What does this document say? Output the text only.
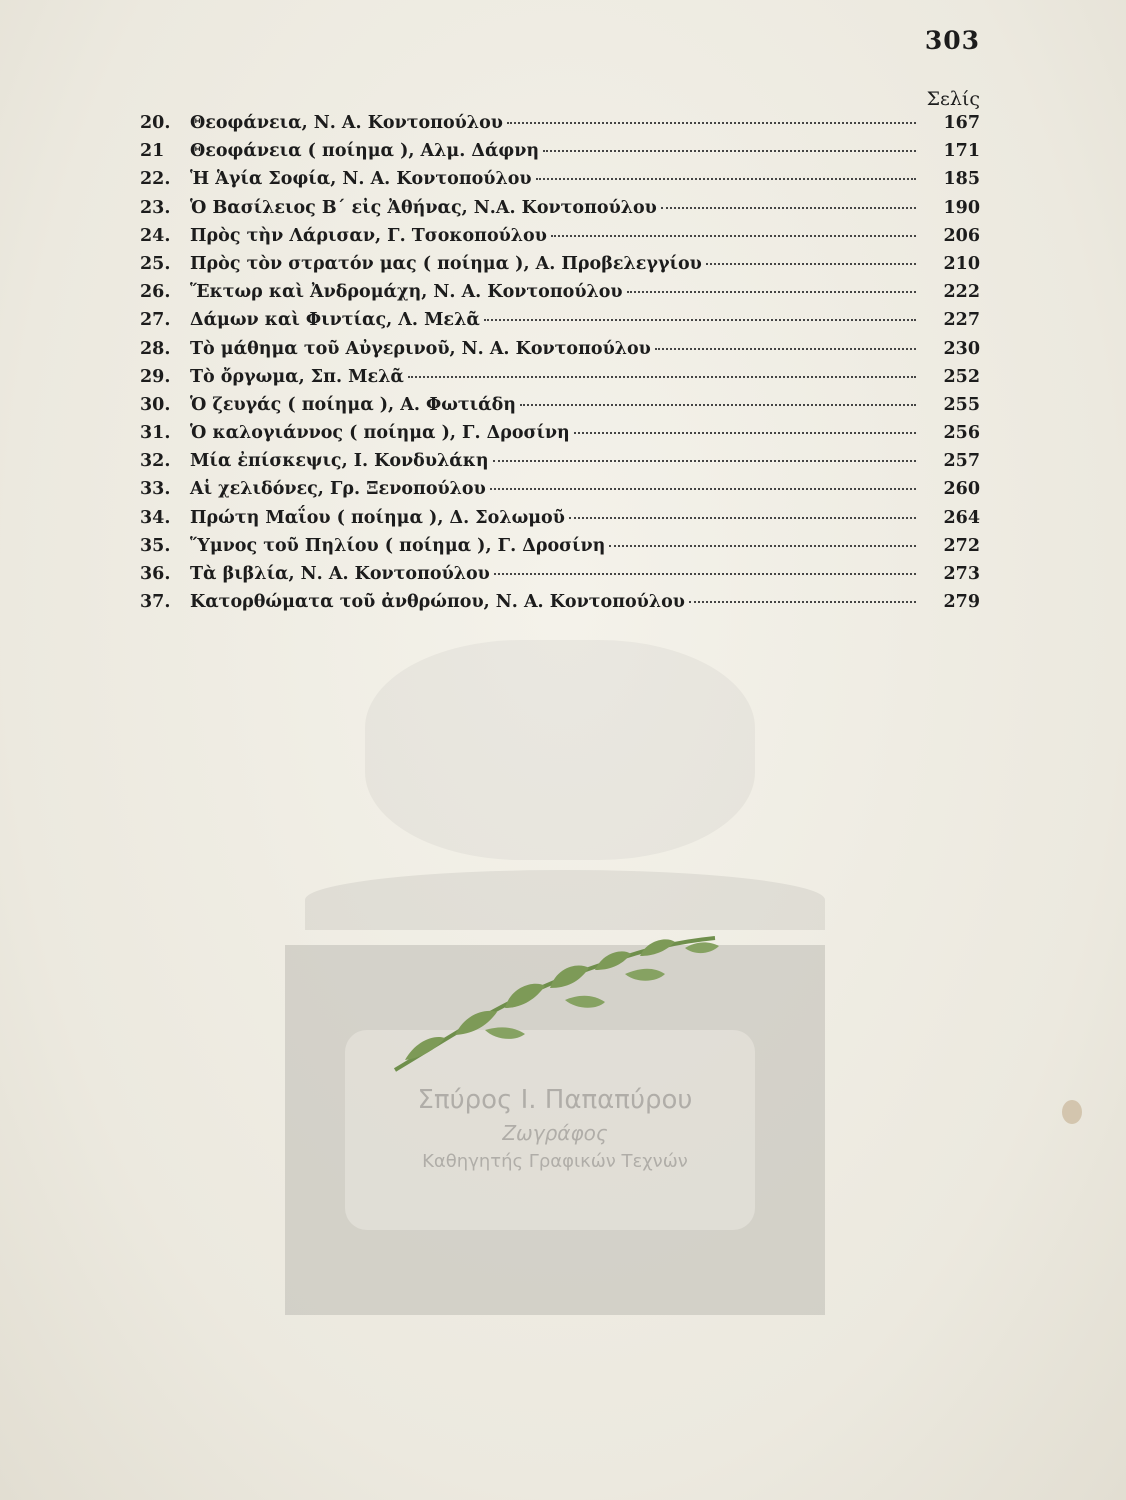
303
Σελίς
20.	Θεοφάνεια, Ν. Α. Κοντοπούλου	167
21	Θεοφάνεια ( ποίημα ), Αλμ. Δάφνη	171
22.	Ἡ Ἁγία Σοφία, Ν. Α. Κοντοπούλου	185
23.	Ὁ Βασίλειος Β΄ εἰς Ἀθήνας, Ν.Α. Κοντοπούλου	190
24.	Πρὸς τὴν Λάρισαν, Γ. Τσοκοπούλου	206
25.	Πρὸς τὸν στρατόν μας ( ποίημα ), Α. Προβελεγγίου	210
26.	Ἕκτωρ καὶ Ἀνδρομάχη, Ν. Α. Κοντοπούλου	222
27.	Δάμων καὶ Φιντίας, Λ. Μελᾶ	227
28.	Τὸ μάθημα τοῦ Αὐγερινοῦ, Ν. Α. Κοντοπούλου	230
29.	Τὸ ὄργωμα, Σπ. Μελᾶ	252
30.	Ὁ ζευγάς ( ποίημα ), Α. Φωτιάδη	255
31.	Ὁ καλογιάννος ( ποίημα ), Γ. Δροσίνη	256
32.	Μία ἐπίσκεψις, Ι. Κονδυλάκη	257
33.	Αἱ χελιδόνες, Γρ. Ξενοπούλου	260
34.	Πρώτη Μαΐου ( ποίημα ), Δ. Σολωμοῦ	264
35.	Ὕμνος τοῦ Πηλίου ( ποίημα ), Γ. Δροσίνη	272
36.	Τὰ βιβλία, Ν. Α. Κοντοπούλου	273
37.	Κατορθώματα τοῦ ἀνθρώπου, Ν. Α. Κοντοπούλου	279
Σπύρος Ι. Παπαπύρου
Ζωγράφος
Καθηγητής Γραφικών Τεχνών
